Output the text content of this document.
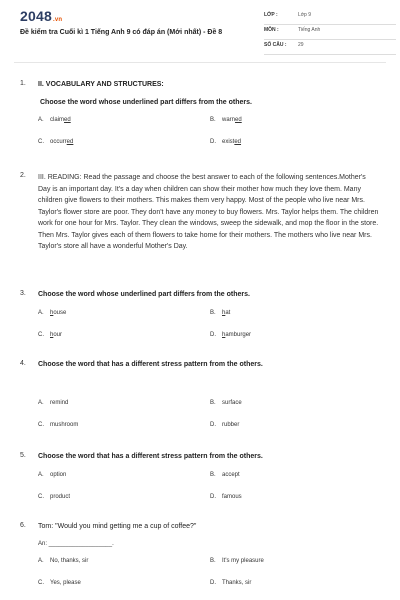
2048.vn
Đề kiểm tra Cuối kì 1 Tiếng Anh 9 có đáp án (Mới nhất) - Đề 8
LỚP :	Lớp 9
MÔN :	Tiếng Anh
SỐ CÂU :	29
1. II. VOCABULARY AND STRUCTURES:
Choose the word whose underlined part differs from the others.
A. claimed	B. warned
C. occurred	D. existed
2. III. READING: Read the passage and choose the best answer to each of the following sentences.Mother's Day is an important day. It's a day when children can show their mother how much they love them. Many children give flowers to their mothers. This makes them very happy. Most of the people who live near Mrs. Taylor's flower store are poor. They don't have any money to buy flowers. Mrs. Taylor helps them. The children work for one hour for Mrs. Taylor. They clean the windows, sweep the sidewalk, and mop the floor in the store. Then Mrs. Taylor gives each of them flowers to take home for their mothers. The mothers who live near Mrs. Taylor's store all have a wonderful Mother's Day.
3. Choose the word whose underlined part differs from the others.
A. house	B. hat
C. hour	D. hamburger
4. Choose the word that has a different stress pattern from the others.
A. remind	B. surface
C. mushroom	D. rubber
5. Choose the word that has a different stress pattern from the others.
A. option	B. accept
C. product	D. famous
6. Tom: "Would you mind getting me a cup of coffee?"
An: ___________________.
A. No, thanks, sir	B. It's my pleasure
C. Yes, please	D. Thanks, sir
